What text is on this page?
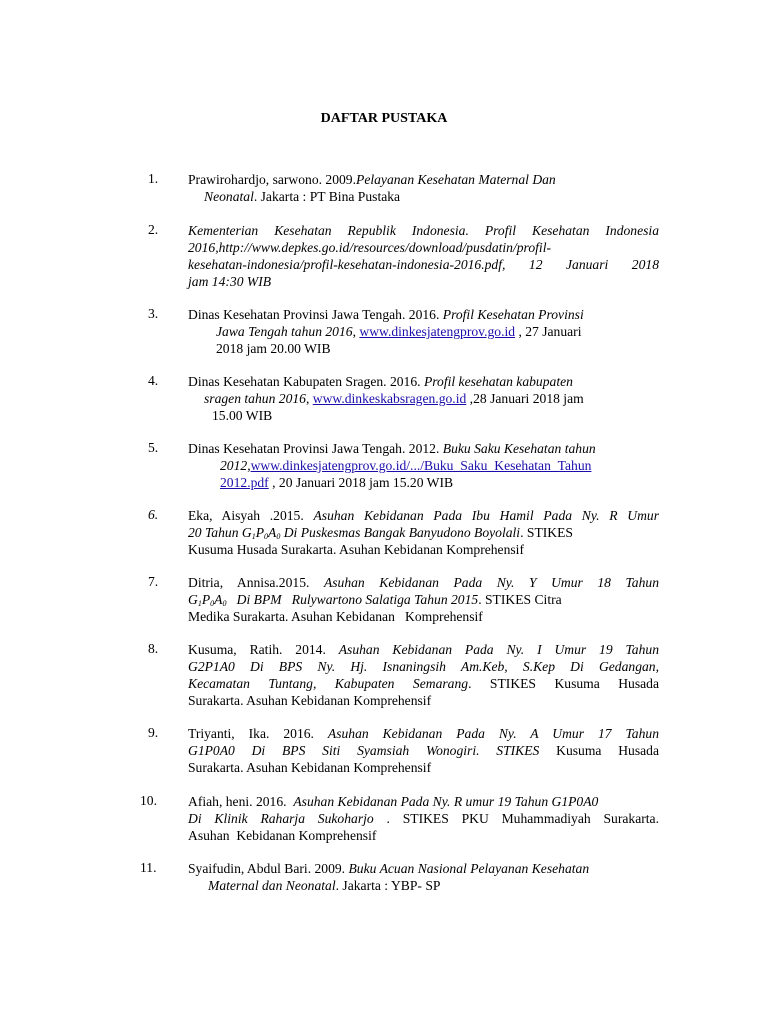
DAFTAR PUSTAKA
1. Prawirohardjo, sarwono. 2009.Pelayanan Kesehatan Maternal Dan
Neonatal. Jakarta : PT Bina Pustaka
2. Kementerian Kesehatan Republik Indonesia. Profil Kesehatan Indonesia
2016,http://www.depkes.go.id/resources/download/pusdatin/profil-
kesehatan-indonesia/profil-kesehatan-indonesia-2016.pdf, 12 Januari 2018
jam 14:30 WIB
3. Dinas Kesehatan Provinsi Jawa Tengah. 2016. Profil Kesehatan Provinsi
Jawa Tengah tahun 2016, www.dinkesjatengprov.go.id , 27 Januari
2018 jam 20.00 WIB
4. Dinas Kesehatan Kabupaten Sragen. 2016. Profil kesehatan kabupaten
sragen tahun 2016, www.dinkeskabsragen.go.id ,28 Januari 2018 jam
15.00 WIB
5. Dinas Kesehatan Provinsi Jawa Tengah. 2012. Buku Saku Kesehatan tahun
2012,www.dinkesjatengprov.go.id/.../Buku_Saku_Kesehatan_Tahun
2012.pdf , 20 Januari 2018 jam 15.20 WIB
6. Eka, Aisyah .2015. Asuhan Kebidanan Pada Ibu Hamil Pada Ny. R Umur
20 Tahun $G_1P_0A_0$ Di Puskesmas Bangak Banyudono Boyolali. STIKES
Kusuma Husada Surakarta. Asuhan Kebidanan Komprehensif
7. Ditria, Annisa.2015. Asuhan Kebidanan Pada Ny. Y Umur 18 Tahun
$G_1P_0A_0$   Di BPM   Rulywartono Salatiga Tahun 2015. STIKES Citra
Medika Surakarta. Asuhan Kebidanan   Komprehensif
8. Kusuma, Ratih. 2014. Asuhan Kebidanan Pada Ny. I Umur 19 Tahun
G2P1A0 Di BPS Ny. Hj. Isnaningsih Am.Keb, S.Kep Di Gedangan,
Kecamatan Tuntang, Kabupaten Semarang. STIKES Kusuma Husada
Surakarta. Asuhan Kebidanan Komprehensif
9. Triyanti, Ika. 2016. Asuhan Kebidanan Pada Ny. A Umur 17 Tahun
G1P0A0 Di BPS Siti Syamsiah Wonogiri. STIKES Kusuma Husada
Surakarta. Asuhan Kebidanan Komprehensif
10. Afiah, heni. 2016.  Asuhan Kebidanan Pada Ny. R umur 19 Tahun G1P0A0
Di Klinik Raharja Sukoharjo . STIKES PKU Muhammadiyah Surakarta.
Asuhan  Kebidanan Komprehensif
11. Syaifudin, Abdul Bari. 2009. Buku Acuan Nasional Pelayanan Kesehatan
Maternal dan Neonatal. Jakarta : YBP- SP
